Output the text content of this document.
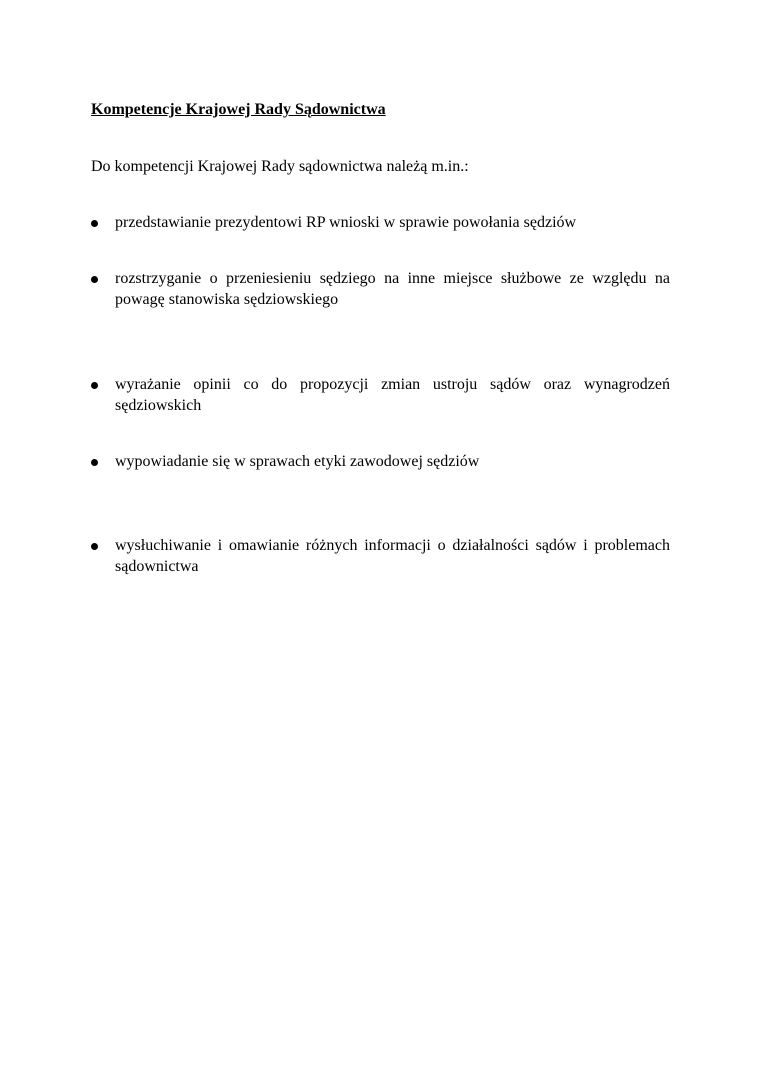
Kompetencje Krajowej Rady Sądownictwa
Do kompetencji Krajowej Rady sądownictwa należą m.in.:
przedstawianie prezydentowi RP wnioski w sprawie powołania sędziów
rozstrzyganie o przeniesieniu sędziego na inne miejsce służbowe ze względu na powagę stanowiska sędziowskiego
wyrażanie opinii co do propozycji zmian ustroju sądów oraz wynagrodzeń sędziowskich
wypowiadanie się w sprawach etyki zawodowej sędziów
wysłuchiwanie i omawianie różnych informacji o działalności sądów i problemach sądownictwa
